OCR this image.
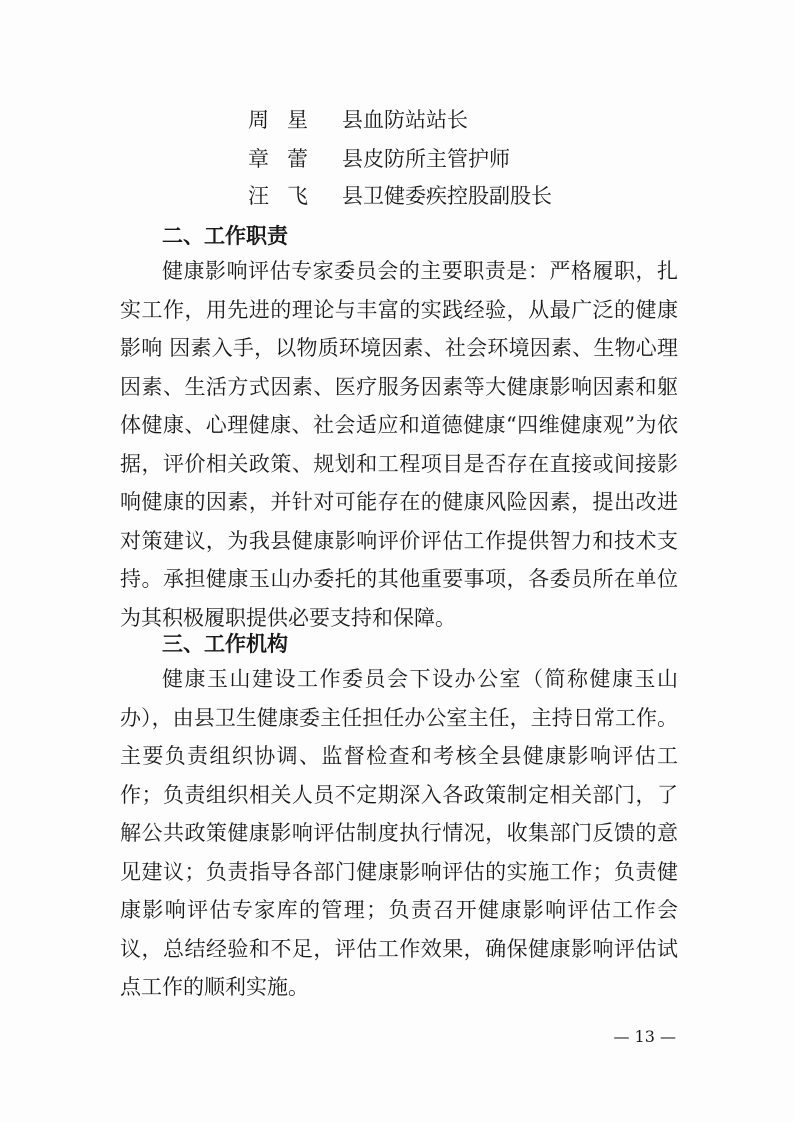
周星 县血防站站长
章蕾 县皮防所主管护师
汪飞 县卫健委疾控股副股长
二、工作职责

健康影响评估专家委员会的主要职责是：严格履职，扎实工作，用先进的理论与丰富的实践经验，从最广泛的健康影响 因素入手，以物质环境因素、社会环境因素、生物心理因素、生活方式因素、医疗服务因素等大健康影响因素和躯体健康、心理健康、社会适应和道德健康“四维健康观”为依据，评价相关政策、规划和工程项目是否存在直接或间接影响健康的因素，并针对可能存在的健康风险因素，提出改进对策建议，为我县健康影响评价评估工作提供智力和技术支持。承担健康玉山办委托的其他重要事项，各委员所在单位为其积极履职提供必要支持和保障。

三、工作机构

健康玉山建设工作委员会下设办公室（简称健康玉山办），由县卫生健康委主任担任办公室主任，主持日常工作。主要负责组织协调、监督检查和考核全县健康影响评估工作；负责组织相关人员不定期深入各政策制定相关部门，了解公共政策健康影响评估制度执行情况，收集部门反馈的意见建议；负责指导各部门健康影响评估的实施工作；负责健康影响评估专家库的管理；负责召开健康影响评估工作会议，总结经验和不足，评估工作效果，确保健康影响评估试点工作的顺利实施。

— 13 —
